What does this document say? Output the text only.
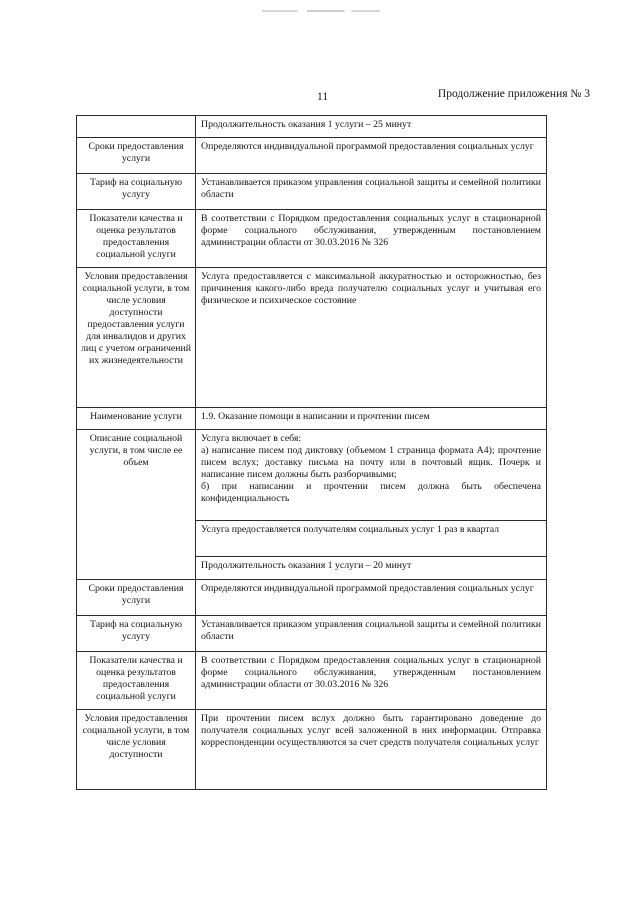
11	Продолжение приложения № 3
	Продолжительность оказания 1 услуги – 25 минут
Сроки предоставления услуги	Определяются индивидуальной программой предоставления социальных услуг
Тариф на социальную услугу	Устанавливается приказом управления социальной защиты и семейной политики области
Показатели качества и оценка результатов предоставления социальной услуги	В соответствии с Порядком предоставления социальных услуг в стационарной форме социального обслуживания, утвержденным постановлением администрации области от 30.03.2016 № 326
Условия предоставления социальной услуги, в том числе условия доступности предоставления услуги для инвалидов и других лиц с учетом ограничений их жизнедеятельности	Услуга предоставляется с максимальной аккуратностью и осторожностью, без причинения какого-либо вреда получателю социальных услуг и учитывая его физическое и психическое состояние
Наименование услуги	1.9. Оказание помощи в написании и прочтении писем
Описание социальной услуги, в том числе ее объем	Услуга включает в себя:
а) написание писем под диктовку (объемом 1 страница формата А4); прочтение писем вслух; доставку письма на почту или в почтовый ящик. Почерк и написание писем должны быть разборчивыми;
б) при написании и прочтении писем должна быть обеспечена конфиденциальность

	Услуга предоставляется получателям социальных услуг 1 раз в квартал
	Продолжительность оказания 1 услуги – 20 минут
Сроки предоставления услуги	Определяются индивидуальной программой предоставления социальных услуг
Тариф на социальную услугу	Устанавливается приказом управления социальной защиты и семейной политики области
Показатели качества и оценка результатов предоставления социальной услуги	В соответствии с Порядком предоставления социальных услуг в стационарной форме социального обслуживания, утвержденным постановлением администрации области от 30.03.2016 № 326
Условия предоставления социальной услуги, в том числе условия доступности	При прочтении писем вслух должно быть гарантировано доведение до получателя социальных услуг всей заложенной в них информации. Отправка корреспонденции осуществляются за счет средств получателя социальных услуг
